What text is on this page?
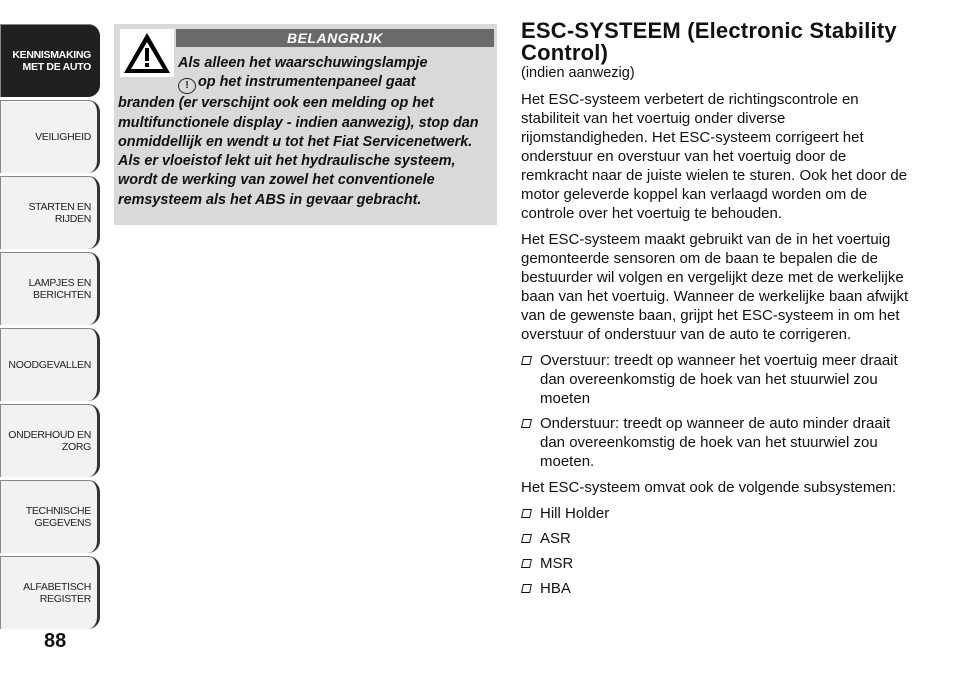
KENNISMAKING
MET DE AUTO
VEILIGHEID
STARTEN EN RIJDEN
LAMPJES EN
BERICHTEN
NOODGEVALLEN
ONDERHOUD EN
ZORG
TECHNISCHE
GEGEVENS
ALFABETISCH
REGISTER
88
BELANGRIJK
Als alleen het waarschuwingslampje
! op het instrumentenpaneel gaat
branden (er verschijnt ook een melding op het multifunctionele display - indien aanwezig), stop dan onmiddellijk en wendt u tot het Fiat Servicenetwerk. Als er vloeistof lekt uit het hydraulische systeem, wordt de werking van zowel het conventionele remsysteem als het ABS in gevaar gebracht.
ESC-SYSTEEM (Electronic Stability
Control)

(indien aanwezig)

Het ESC-systeem verbetert de richtingscontrole en stabiliteit van het voertuig onder diverse rijomstandigheden. Het ESC-systeem corrigeert het onderstuur en overstuur van het voertuig door de remkracht naar de juiste wielen te sturen. Ook het door de motor geleverde koppel kan verlaagd worden om de controle over het voertuig te behouden.

Het ESC-systeem maakt gebruikt van de in het voertuig gemonteerde sensoren om de baan te bepalen die de bestuurder wil volgen en vergelijkt deze met de werkelijke baan van het voertuig. Wanneer de werkelijke baan afwijkt van de gewenste baan, grijpt het ESC-systeem in om het overstuur of onderstuur van de auto te corrigeren.

Overstuur: treedt op wanneer het voertuig meer draait dan overeenkomstig de hoek van het stuurwiel zou moeten
Onderstuur: treedt op wanneer de auto minder draait dan overeenkomstig de hoek van het stuurwiel zou moeten.

Het ESC-systeem omvat ook de volgende subsystemen:

Hill Holder
ASR
MSR
HBA
